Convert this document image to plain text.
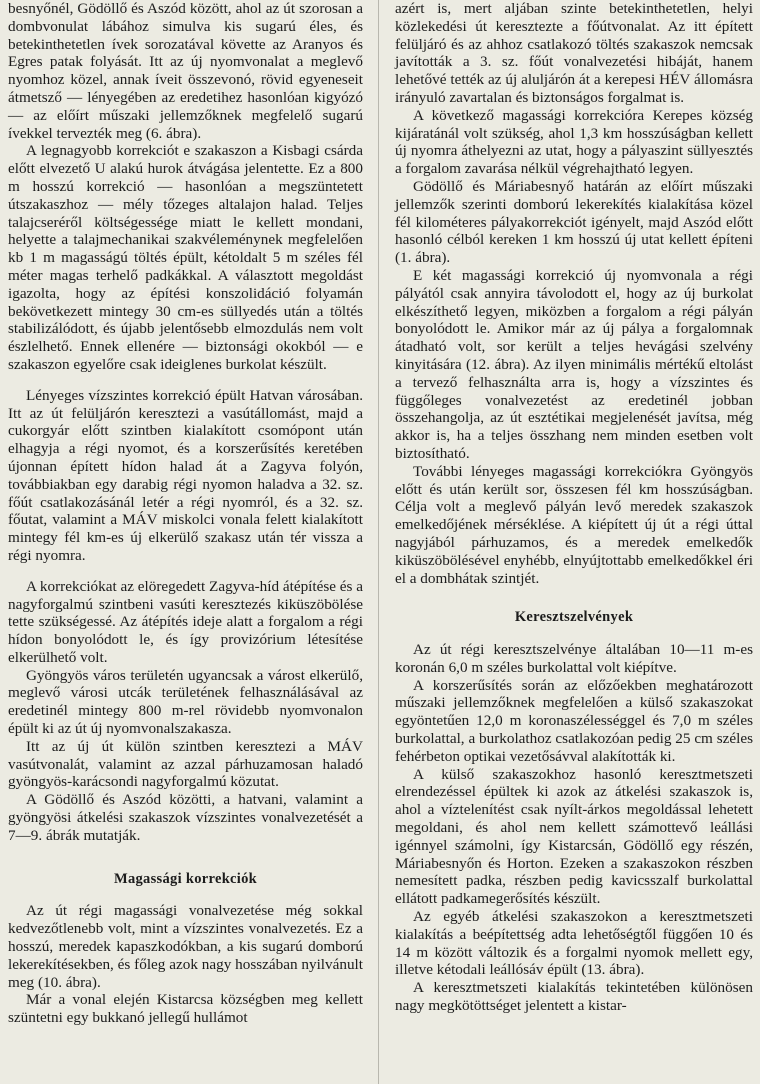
besnyőnél, Gödöllő és Aszód között, ahol az út szorosan a dombvonulat lábához simulva kis sugarú éles, és betekinthetetlen ívek sorozatával követte az Aranyos és Egres patak folyását. Itt az új nyomvonalat a meglevő nyomhoz közel, annak íveit összevonó, rövid egyeneseit átmetsző — lényegében az eredetihez hasonlóan kigyózó — az előírt műszaki jellemzőknek megfelelő sugarú ívekkel tervezték meg (6. ábra).

A legnagyobb korrekciót e szakaszon a Kisbagi csárda előtt elvezető U alakú hurok átvágása jelentette. Ez a 800 m hosszú korrekció — hasonlóan a megszüntetett útszakaszhoz — mély tőzeges altalajon halad. Teljes talajcseréről költségessége miatt le kellett mondani, helyette a talajmechanikai szakvéleménynek megfelelően kb 1 m magasságú töltés épült, kétoldalt 5 m széles fél méter magas terhelő padkákkal. A választott megoldást igazolta, hogy az építési konszolidáció folyamán bekövetkezett mintegy 30 cm-es süllyedés után a töltés stabilizálódott, és újabb jelentősebb elmozdulás nem volt észlelhető. Ennek ellenére — biztonsági okokból — e szakaszon egyelőre csak ideiglenes burkolat készült.

Lényeges vízszintes korrekció épült Hatvan városában. Itt az út felüljárón keresztezi a vasútállomást, majd a cukorgyár előtt szintben kialakított csomópont után elhagyja a régi nyomot, és a korszerűsítés keretében újonnan épített hídon halad át a Zagyva folyón, továbbiakban egy darabig régi nyomon haladva a 32. sz. főút csatlakozásánál letér a régi nyomról, és a 32. sz. főutat, valamint a MÁV miskolci vonala felett kialakított mintegy fél km-es új elkerülő szakasz után tér vissza a régi nyomra.

A korrekciókat az elöregedett Zagyva-híd átépítése és a nagyforgalmú szintbeni vasúti keresztezés kiküszöbölése tette szükségessé. Az átépítés ideje alatt a forgalom a régi hídon bonyolódott le, és így provizórium létesítése elkerülhető volt.

Gyöngyös város területén ugyancsak a várost elkerülő, meglevő városi utcák területének felhasználásával az eredetinél mintegy 800 m-rel rövidebb nyomvonalon épült ki az út új nyomvonalszakasza.

Itt az új út külön szintben keresztezi a MÁV vasútvonalát, valamint az azzal párhuzamosan haladó gyöngyös-karácsondi nagyforgalmú közutat.

A Gödöllő és Aszód közötti, a hatvani, valamint a gyöngyösi átkelési szakaszok vízszintes vonalvezetését a 7—9. ábrák mutatják.

Magassági korrekciók

Az út régi magassági vonalvezetése még sokkal kedvezőtlenebb volt, mint a vízszintes vonalvezetés. Ez a hosszú, meredek kapaszkodókban, a kis sugarú domború lekerekítésekben, és főleg azok nagy hosszában nyilvánult meg (10. ábra).

Már a vonal elején Kistarcsa községben meg kellett szüntetni egy bukkanó jellegű hullámot

azért is, mert aljában szinte betekinthetetlen, helyi közlekedési út keresztezte a főútvonalat. Az itt épített felüljáró és az ahhoz csatlakozó töltés szakaszok nemcsak javították a 3. sz. főút vonalvezetési hibáját, hanem lehetővé tették az új aluljárón át a kerepesi HÉV állomásra irányuló zavartalan és biztonságos forgalmat is.

A következő magassági korrekcióra Kerepes község kijáratánál volt szükség, ahol 1,3 km hosszúságban kellett új nyomra áthelyezni az utat, hogy a pályaszint süllyesztés a forgalom zavarása nélkül végrehajtható legyen.

Gödöllő és Máriabesnyő határán az előírt műszaki jellemzők szerinti domború lekerekítés kialakítása közel fél kilométeres pályakorrekciót igényelt, majd Aszód előtt hasonló célból kereken 1 km hosszú új utat kellett építeni (1. ábra).

E két magassági korrekció új nyomvonala a régi pályától csak annyira távolodott el, hogy az új burkolat elkészíthető legyen, miközben a forgalom a régi pályán bonyolódott le. Amikor már az új pálya a forgalomnak átadható volt, sor került a teljes hevágási szelvény kinyitására (12. ábra). Az ilyen minimális mértékű eltolást a tervező felhasználta arra is, hogy a vízszintes és függőleges vonalvezetést az eredetinél jobban összehangolja, az út esztétikai megjelenését javítsa, még akkor is, ha a teljes összhang nem minden esetben volt biztosítható.

További lényeges magassági korrekciókra Gyöngyös előtt és után került sor, összesen fél km hosszúságban. Célja volt a meglevő pályán levő meredek szakaszok emelkedőjének mérséklése. A kiépített új út a régi úttal nagyjából párhuzamos, és a meredek emelkedők kiküszöbölésével enyhébb, elnyújtottabb emelkedőkkel éri el a dombhátak szintjét.

Keresztszelvények

Az út régi keresztszelvénye általában 10—11 m-es koronán 6,0 m széles burkolattal volt kiépítve.

A korszerűsítés során az előzőekben meghatározott műszaki jellemzőknek megfelelően a külső szakaszokat egyöntetűen 12,0 m koronaszélességgel és 7,0 m széles burkolattal, a burkolathoz csatlakozóan pedig 25 cm széles fehérbeton optikai vezetősávval alakították ki.

A külső szakaszokhoz hasonló keresztmetszeti elrendezéssel épültek ki azok az átkelési szakaszok is, ahol a víztelenítést csak nyílt-árkos megoldással lehetett megoldani, és ahol nem kellett számottevő leállási igénnyel számolni, így Kistarcsán, Gödöllő egy részén, Máriabesnyőn és Horton. Ezeken a szakaszokon részben nemesített padka, részben pedig kavicsszalf burkolattal ellátott padkamegerősítés készült.

Az egyéb átkelési szakaszokon a keresztmetszeti kialakítás a beépítettség adta lehetőségtől függően 10 és 14 m között változik és a forgalmi nyomok mellett egy, illetve kétodali leállósáv épült (13. ábra).

A keresztmetszeti kialakítás tekintetében különösen nagy megkötöttséget jelentett a kistar-
